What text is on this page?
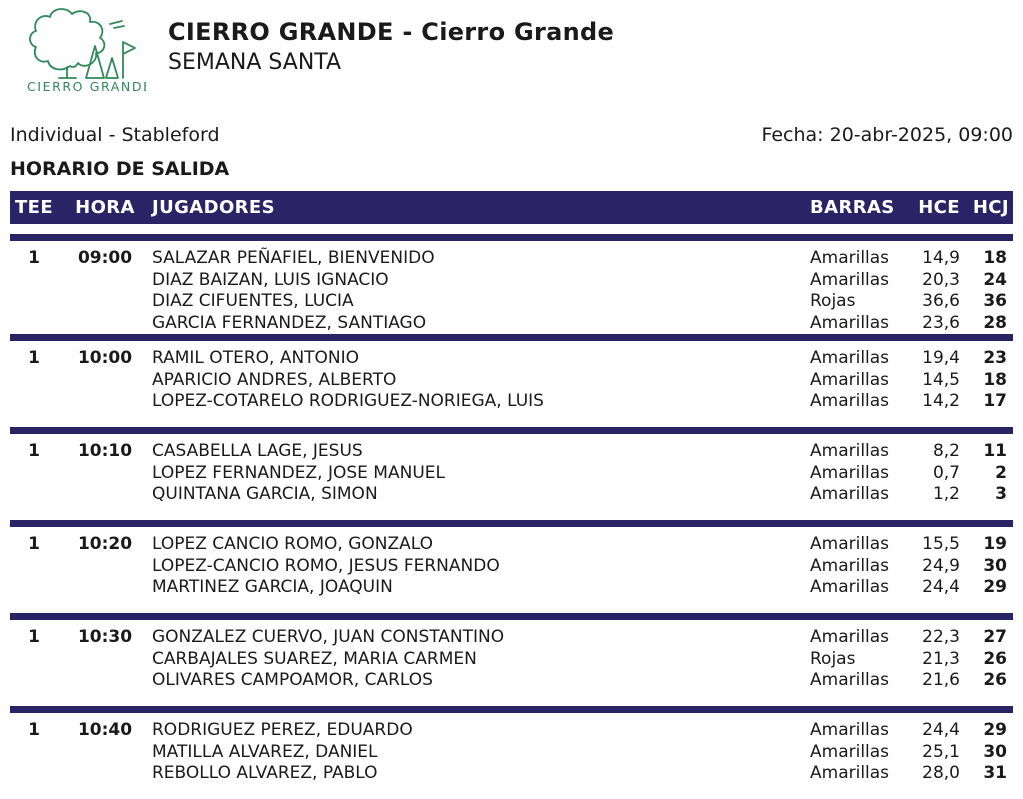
CIERRO GRANDE
CIERRO GRANDE - Cierro Grande
SEMANA SANTA
Individual - Stableford	Fecha: 20-abr-2025, 09:00
HORARIO DE SALIDA
TEE	HORA JUGADORES	BARRAS	HCE HCJ
1	09:00	SALAZAR PEÑAFIEL, BIENVENIDO	Amarillas	14,9	18
DIAZ BAIZAN, LUIS IGNACIO	Amarillas	20,3	24
DIAZ CIFUENTES, LUCIA	Rojas	36,6	36
GARCIA FERNANDEZ, SANTIAGO	Amarillas	23,6	28
1	10:00	RAMIL OTERO, ANTONIO	Amarillas	19,4	23
APARICIO ANDRES, ALBERTO	Amarillas	14,5	18
LOPEZ-COTARELO RODRIGUEZ-NORIEGA, LUIS	Amarillas	14,2	17
1	10:10	CASABELLA LAGE, JESUS	Amarillas	8,2	11
LOPEZ FERNANDEZ, JOSE MANUEL	Amarillas	0,7	2
QUINTANA GARCIA, SIMON	Amarillas	1,2	3
1	10:20	LOPEZ CANCIO ROMO, GONZALO	Amarillas	15,5	19
LOPEZ-CANCIO ROMO, JESUS FERNANDO	Amarillas	24,9	30
MARTINEZ GARCIA, JOAQUIN	Amarillas	24,4	29
1	10:30	GONZALEZ CUERVO, JUAN CONSTANTINO	Amarillas	22,3	27
CARBAJALES SUAREZ, MARIA CARMEN	Rojas	21,3	26
OLIVARES CAMPOAMOR, CARLOS	Amarillas	21,6	26
1	10:40	RODRIGUEZ PEREZ, EDUARDO	Amarillas	24,4	29
MATILLA ALVAREZ, DANIEL	Amarillas	25,1	30
REBOLLO ALVAREZ, PABLO	Amarillas	28,0	31
